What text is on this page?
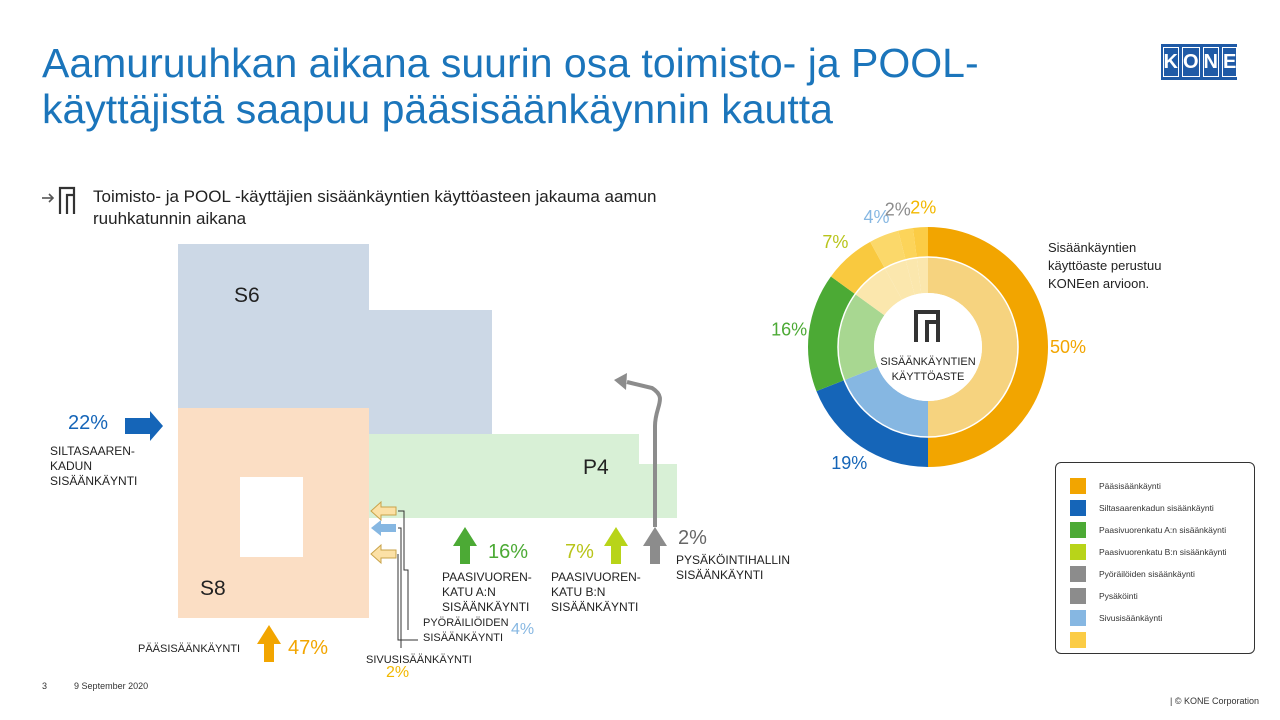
Aamuruuhkan aikana suurin osa toimisto- ja POOL-käyttäjistä saapuu pääsisäänkäynnin kautta
K O N E
Toimisto- ja POOL -käyttäjien sisäänkäyntien käyttöasteen jakauma aamun ruuhkatunnin aikana
S6
S8
P4
22%
SILTASAAREN-
KADUN
SISÄÄNKÄYNTI
16%
PAASIVUOREN-
KATU A:N
SISÄÄNKÄYNTI
7%
PAASIVUOREN-
KATU B:N
SISÄÄNKÄYNTI
2%
PYSÄKÖINTIHALLIN
SISÄÄNKÄYNTI
PYÖRÄILIÖIDEN
SISÄÄNKÄYNTI 4%
SIVUSISÄÄNKÄYNTI
2%
PÄÄSISÄÄNKÄYNTI 47%
SISÄÄNKÄYNTIEN
KÄYTTÖASTE
50%
19%
16%
7%
4%
2% 2%
Sisäänkäyntien käyttöaste perustuu KONEen arvioon.
Pääsisäänkäynti
Siltasaarenkadun sisäänkäynti
Paasivuorenkatu A:n sisäänkäynti
Paasivuorenkatu B:n sisäänkäynti
Pyöräilöiden sisäänkäynti
Pysäköinti
Sivusisäänkäynti
3	9 September 2020
| © KONE Corporation
